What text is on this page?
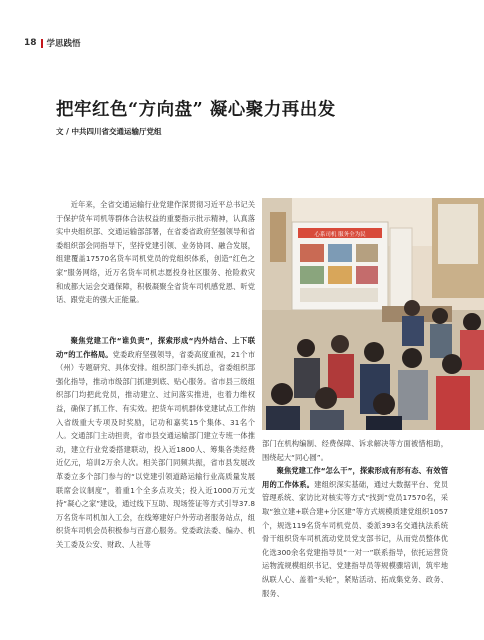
18 学思践悟
把牢红色“方向盘” 凝心聚力再出发
文 / 中共四川省交通运输厅党组

近年来，全省交通运输行业党建作深贯彻习近平总书记关于保护货车司机等群体合法权益的重要指示批示精神，认真落实中央组织部、交通运输部部署，在省委省政府坚强领导和省委组织部会同指导下，坚持党建引领、业务协同、融合发展，组建覆盖17570名货车司机党员的党组织体系，创造“红色之家”服务网络，近万名货车司机志愿投身社区服务、抢险救灾和成都大运会交通保障，积极凝聚全省货车司机感党恩、听党话、跟党走的强大正能量。

聚焦党建工作“谁负责”，探索形成“内外结合、上下联动”的工作格局。党委政府坚强领导，省委高度重视，21个市（州）专题研究、具体安排。组织部门牵头抓总，省委组织部强化指导，推动市级部门抓建到底、贴心服务。省市县三级组织部门均把此党员，推动建立、过问落实推进，也着力维权益，确保了抓工作、有实效。把货车司机群体党建试点工作纳入省级重大专项及时奖励，记功和嘉奖15个集体、31名个人。交通部门主动担责，省市县交通运输部门建立专班一体推动，建立行业党委搭建联动，投入近1800人、筹集各类经费近亿元，培训2万余人次。相关部门同频共振，省市县发展改革委立多个部门参与的“以党建引领道路运输行业高质量发展联席会议制度”，着重1个全多点攻关；投入近1000万元支持“凝心之家”建设，通过线下互助、现场签证等方式引导37.8万名货车司机加入工会，在线筹建好户外劳动者服务站点，组织货车司机会员积极参与百意心服务。党委政法委、编办、机关工委及公安、财政、人社等

心系司机 服务全为民

部门在机构编制、经费保障、诉求解决等方面被惜相助，围绕起大“同心圆”。

聚焦党建工作“怎么干”，探索形成有形有态、有效管用的工作体系。建组织深实基础，通过大数据平台、党员管理系统、家访比对核实等方式“找到”党员17570名，采取“独立建+联合建+分区建”等方式规模质建党组织1057个，规选119名货车司机党员、委派393名交通执法系统骨干组织货车司机流动党员党支部书记，从而党员整体优化选300余名党建指导员“一对一”联系指导，依托运营货运物流规模组织书记、党建指导员等规模骤培训，筑牢地纵联人心、盖着“头轮”，紧贴活动、拓成集党务、政务、服务、
